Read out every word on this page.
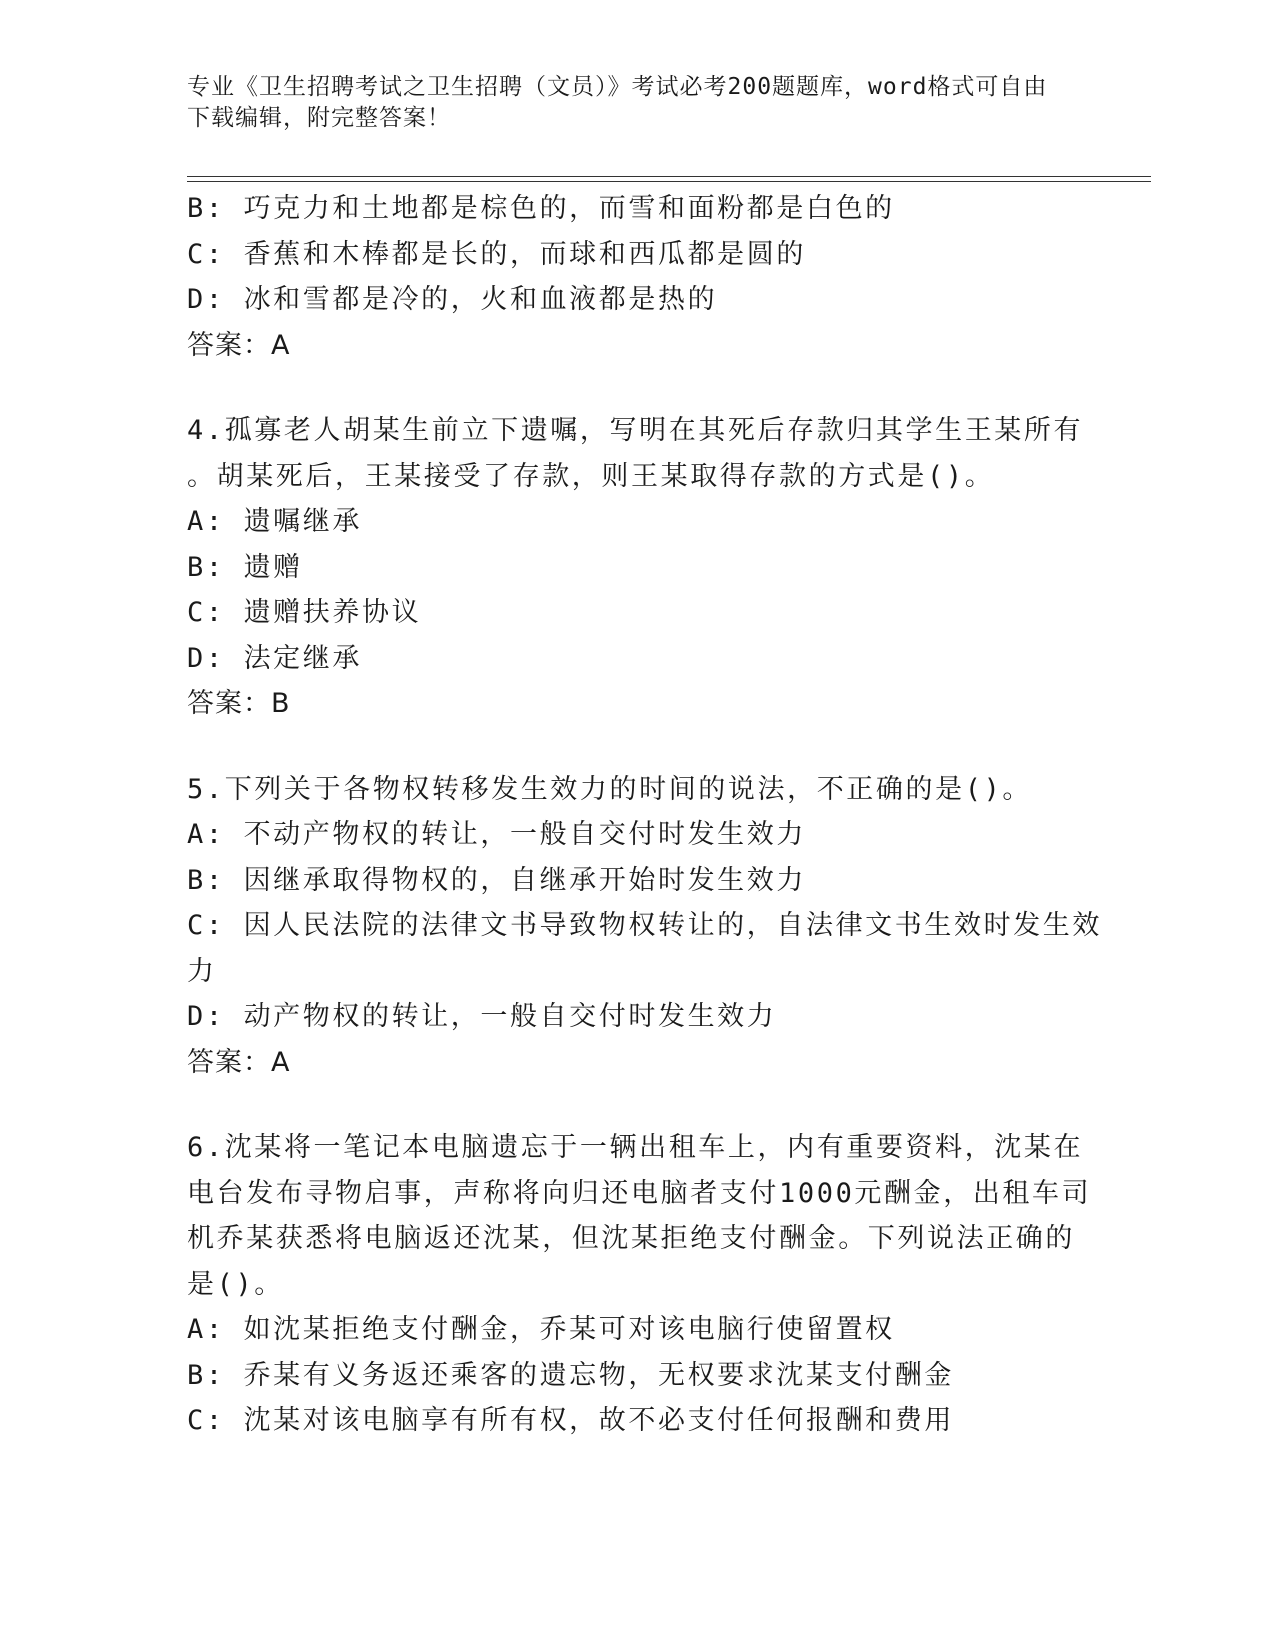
专业《卫生招聘考试之卫生招聘（文员）》考试必考200题题库，word格式可自由下载编辑，附完整答案！
B: 巧克力和土地都是棕色的，而雪和面粉都是白色的
C: 香蕉和木棒都是长的，而球和西瓜都是圆的
D: 冰和雪都是冷的，火和血液都是热的
答案：A
4.孤寡老人胡某生前立下遗嘱，写明在其死后存款归其学生王某所有
。胡某死后，王某接受了存款，则王某取得存款的方式是()。
A: 遗嘱继承
B: 遗赠
C: 遗赠扶养协议
D: 法定继承
答案：B
5.下列关于各物权转移发生效力的时间的说法，不正确的是()。
A: 不动产物权的转让，一般自交付时发生效力
B: 因继承取得物权的，自继承开始时发生效力
C: 因人民法院的法律文书导致物权转让的，自法律文书生效时发生效
力
D: 动产物权的转让，一般自交付时发生效力
答案：A
6.沈某将一笔记本电脑遗忘于一辆出租车上，内有重要资料，沈某在
电台发布寻物启事，声称将向归还电脑者支付1000元酬金，出租车司
机乔某获悉将电脑返还沈某，但沈某拒绝支付酬金。下列说法正确的
是()。
A: 如沈某拒绝支付酬金，乔某可对该电脑行使留置权
B: 乔某有义务返还乘客的遗忘物，无权要求沈某支付酬金
C: 沈某对该电脑享有所有权，故不必支付任何报酬和费用
